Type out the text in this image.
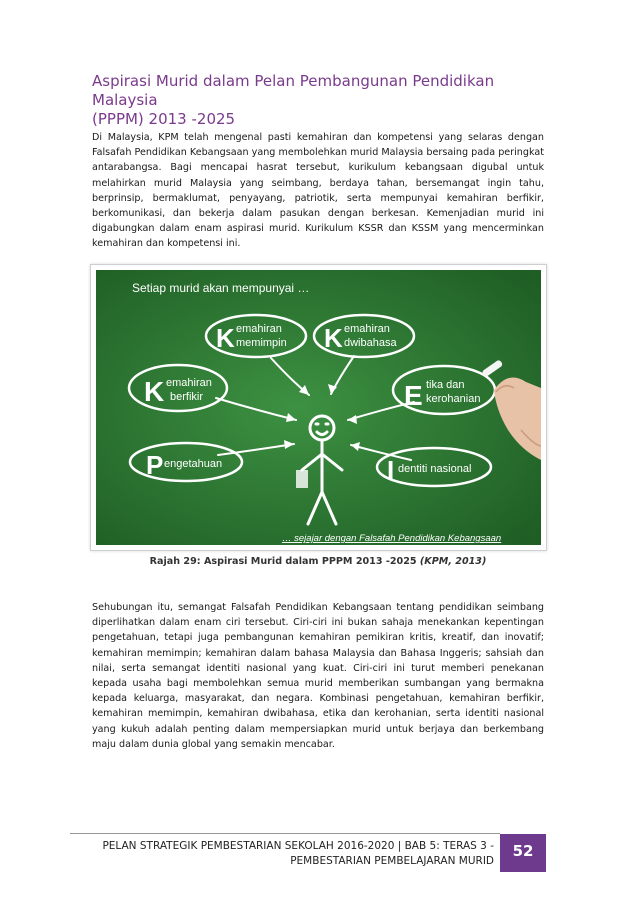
Aspirasi Murid dalam Pelan Pembangunan Pendidikan Malaysia
(PPPM) 2013 -2025

Di Malaysia, KPM telah mengenal pasti kemahiran dan kompetensi yang selaras dengan Falsafah Pendidikan Kebangsaan yang membolehkan murid Malaysia bersaing pada peringkat antarabangsa. Bagi mencapai hasrat tersebut, kurikulum kebangsaan digubal untuk melahirkan murid Malaysia yang seimbang, berdaya tahan, bersemangat ingin tahu, berprinsip, bermaklumat, penyayang, patriotik, serta mempunyai kemahiran berfikir, berkomunikasi, dan bekerja dalam pasukan dengan berkesan. Kemenjadian murid ini digabungkan dalam enam aspirasi murid. Kurikulum KSSR dan KSSM yang mencerminkan kemahiran dan kompetensi ini.

Setiap murid akan mempunyai …
K emahiran
memimpin K emahiran
dwibahasa
K emahiran
berfikir	E tika dan
kerohanian
P engetahuan	I dentiti nasional
… sejajar dengan Falsafah Pendidikan Kebangsaan
Rajah 29: Aspirasi Murid dalam PPPM 2013 -2025 (KPM, 2013)

Sehubungan itu, semangat Falsafah Pendidikan Kebangsaan tentang pendidikan seimbang diperlihatkan dalam enam ciri tersebut. Ciri-ciri ini bukan sahaja menekankan kepentingan pengetahuan, tetapi juga pembangunan kemahiran pemikiran kritis, kreatif, dan inovatif; kemahiran memimpin; kemahiran dalam bahasa Malaysia dan Bahasa Inggeris; sahsiah dan nilai, serta semangat identiti nasional yang kuat. Ciri-ciri ini turut memberi penekanan kepada usaha bagi membolehkan semua murid memberikan sumbangan yang bermakna kepada keluarga, masyarakat, dan negara. Kombinasi pengetahuan, kemahiran berfikir, kemahiran memimpin, kemahiran dwibahasa, etika dan kerohanian, serta identiti nasional yang kukuh adalah penting dalam mempersiapkan murid untuk berjaya dan berkembang maju dalam dunia global yang semakin mencabar.

PELAN STRATEGIK PEMBESTARIAN SEKOLAH 2016-2020 | BAB 5: TERAS 3 -
PEMBESTARIAN PEMBELAJARAN MURID
52
